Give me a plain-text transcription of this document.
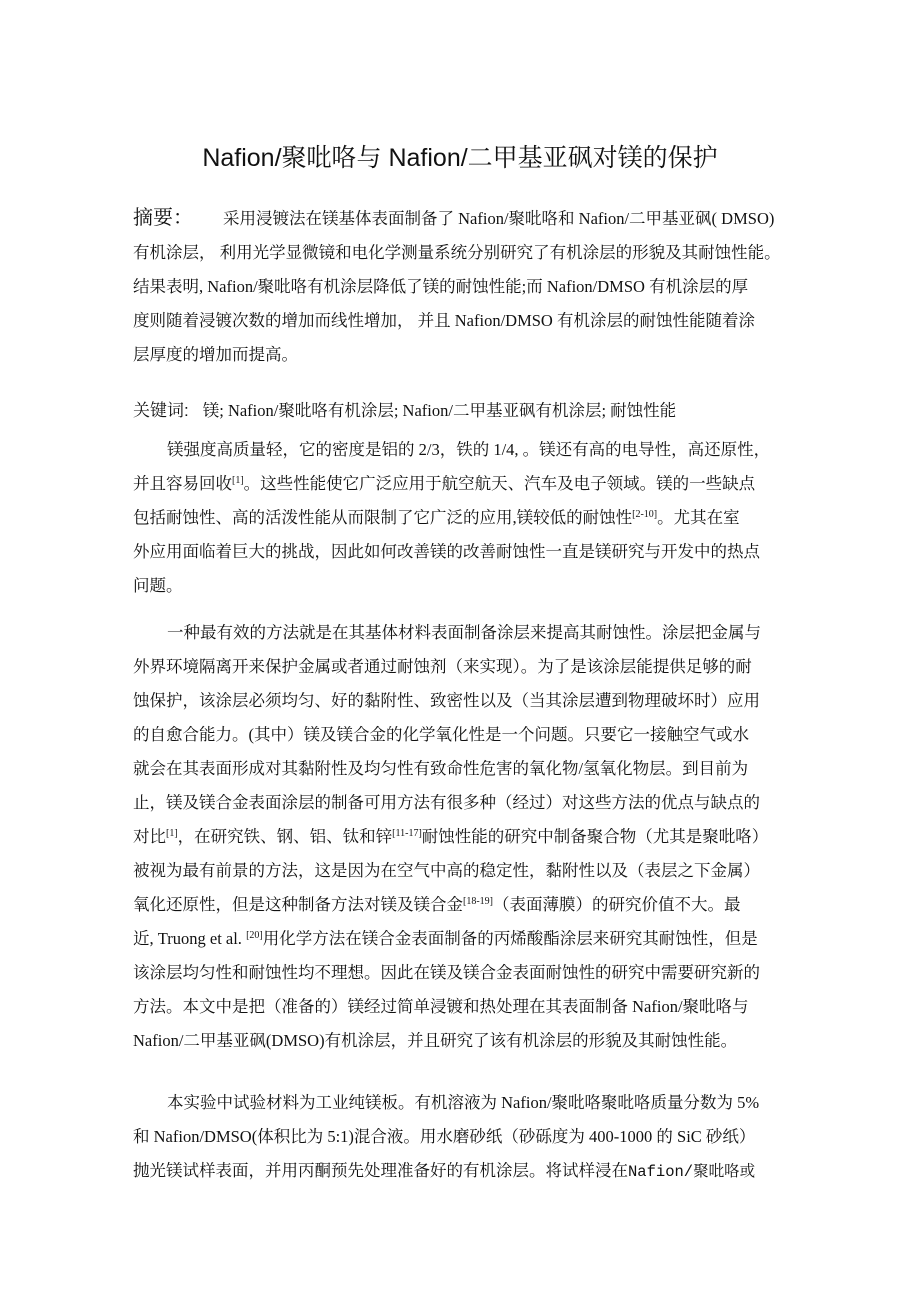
Nafion/聚吡咯与 Nafion/二甲基亚砜对镁的保护
摘要： 采用浸镀法在镁基体表面制备了 Nafion/聚吡咯和 Nafion/二甲基亚砜( DMSO)
有机涂层， 利用光学显微镜和电化学测量系统分别研究了有机涂层的形貌及其耐蚀性能。
结果表明, Nafion/聚吡咯有机涂层降低了镁的耐蚀性能;而 Nafion/DMSO 有机涂层的厚
度则随着浸镀次数的增加而线性增加， 并且 Nafion/DMSO 有机涂层的耐蚀性能随着涂
层厚度的增加而提高。
关键词: 镁; Nafion/聚吡咯有机涂层; Nafion/二甲基亚砜有机涂层; 耐蚀性能
镁强度高质量轻，它的密度是铝的 2/3，铁的 1/4, 。镁还有高的电导性，高还原性，
并且容易回收[1]。这些性能使它广泛应用于航空航天、汽车及电子领域。镁的一些缺点
包括耐蚀性、高的活泼性能从而限制了它广泛的应用,镁较低的耐蚀性[2-10]。尤其在室
外应用面临着巨大的挑战，因此如何改善镁的改善耐蚀性一直是镁研究与开发中的热点
问题。
一种最有效的方法就是在其基体材料表面制备涂层来提高其耐蚀性。涂层把金属与
外界环境隔离开来保护金属或者通过耐蚀剂（来实现）。为了是该涂层能提供足够的耐
蚀保护，该涂层必须均匀、好的黏附性、致密性以及（当其涂层遭到物理破坏时）应用
的自愈合能力。(其中）镁及镁合金的化学氧化性是一个问题。只要它一接触空气或水
就会在其表面形成对其黏附性及均匀性有致命性危害的氧化物/氢氧化物层。到目前为
止，镁及镁合金表面涂层的制备可用方法有很多种（经过）对这些方法的优点与缺点的
对比[1]，在研究铁、钢、铝、钛和锌[11-17]耐蚀性能的研究中制备聚合物（尤其是聚吡咯）
被视为最有前景的方法，这是因为在空气中高的稳定性，黏附性以及（表层之下金属）
氧化还原性，但是这种制备方法对镁及镁合金[18-19]（表面薄膜）的研究价值不大。最
近, Truong et al. [20]用化学方法在镁合金表面制备的丙烯酸酯涂层来研究其耐蚀性，但是
该涂层均匀性和耐蚀性均不理想。因此在镁及镁合金表面耐蚀性的研究中需要研究新的
方法。本文中是把（准备的）镁经过简单浸镀和热处理在其表面制备 Nafion/聚吡咯与
Nafion/二甲基亚砜(DMSO)有机涂层，并且研究了该有机涂层的形貌及其耐蚀性能。
本实验中试验材料为工业纯镁板。有机溶液为 Nafion/聚吡咯聚吡咯质量分数为 5%
和 Nafion/DMSO(体积比为 5:1)混合液。用水磨砂纸（砂砾度为 400-1000 的 SiC 砂纸）
抛光镁试样表面，并用丙酮预先处理准备好的有机涂层。将试样浸在Nafion/聚吡咯或
